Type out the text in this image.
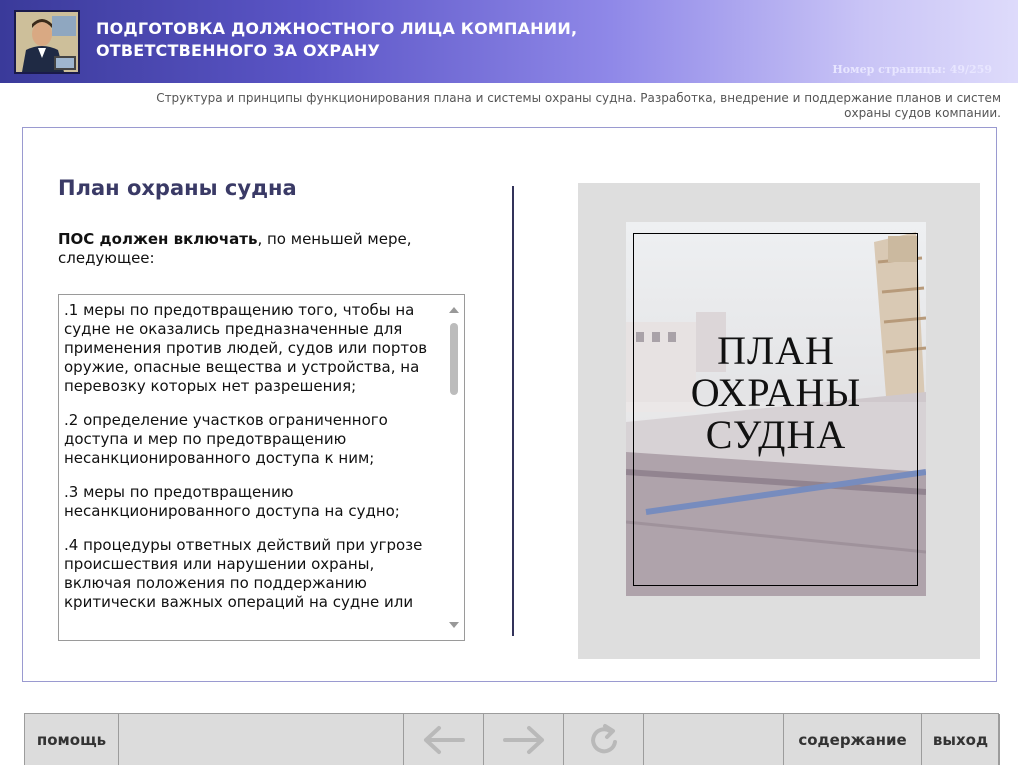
ПОДГОТОВКА ДОЛЖНОСТНОГО ЛИЦА КОМПАНИИ,
ОТВЕТСТВЕННОГО ЗА ОХРАНУ
Номер страницы: 49/259
Структура и принципы функционирования плана и системы охраны судна. Разработка, внедрение и поддержание планов и систем
охраны судов компании.
План охраны судна
ПОС должен включать, по меньшей мере, следующее:

.1 меры по предотвращению того, чтобы на судне не оказались предназначенные для применения против людей, судов или портов оружие, опасные вещества и устройства, на перевозку которых нет разрешения;

.2 определение участков ограниченного доступа и мер по предотвращению несанкционированного доступа к ним;

.3 меры по предотвращению несанкционированного доступа на судно;

.4 процедуры ответных действий при угрозе происшествия или нарушении охраны, включая положения по поддержанию критически важных операций на судне или

ПЛАН
ОХРАНЫ
СУДНА
помощь	содержание	выход
